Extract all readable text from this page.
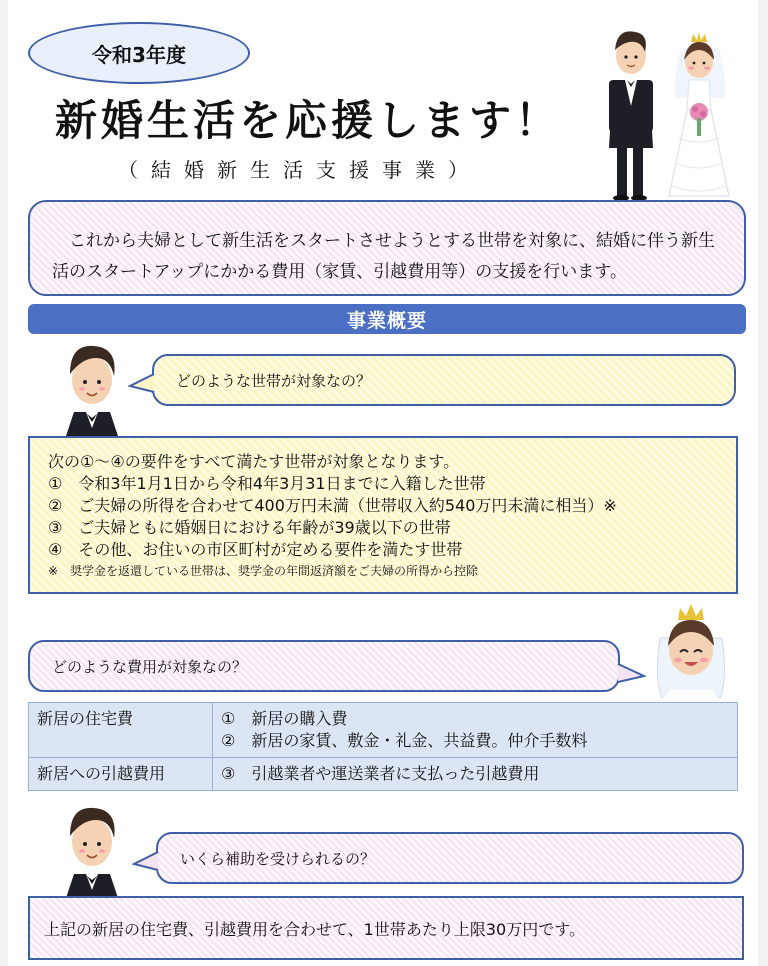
令和3年度
新婚生活を応援します！
（結婚新生活支援事業）
これから夫婦として新生活をスタートさせようとする世帯を対象に、結婚に伴う新生活のスタートアップにかかる費用（家賃、引越費用等）の支援を行います。
事業概要
どのような世帯が対象なの？
次の①～④の要件をすべて満たす世帯が対象となります。
①　令和3年1月1日から令和4年3月31日までに入籍した世帯
②　ご夫婦の所得を合わせて400万円未満（世帯収入約540万円未満に相当）※
③　ご夫婦ともに婚姻日における年齢が39歳以下の世帯
④　その他、お住いの市区町村が定める要件を満たす世帯
※　奨学金を返還している世帯は、奨学金の年間返済額をご夫婦の所得から控除
どのような費用が対象なの？
新居の住宅費	①　新居の購入費
②　新居の家賃、敷金・礼金、共益費。仲介手数料

新居への引越費用	③　引越業者や運送業者に支払った引越費用
いくら補助を受けられるの？
上記の新居の住宅費、引越費用を合わせて、1世帯あたり上限30万円です。
